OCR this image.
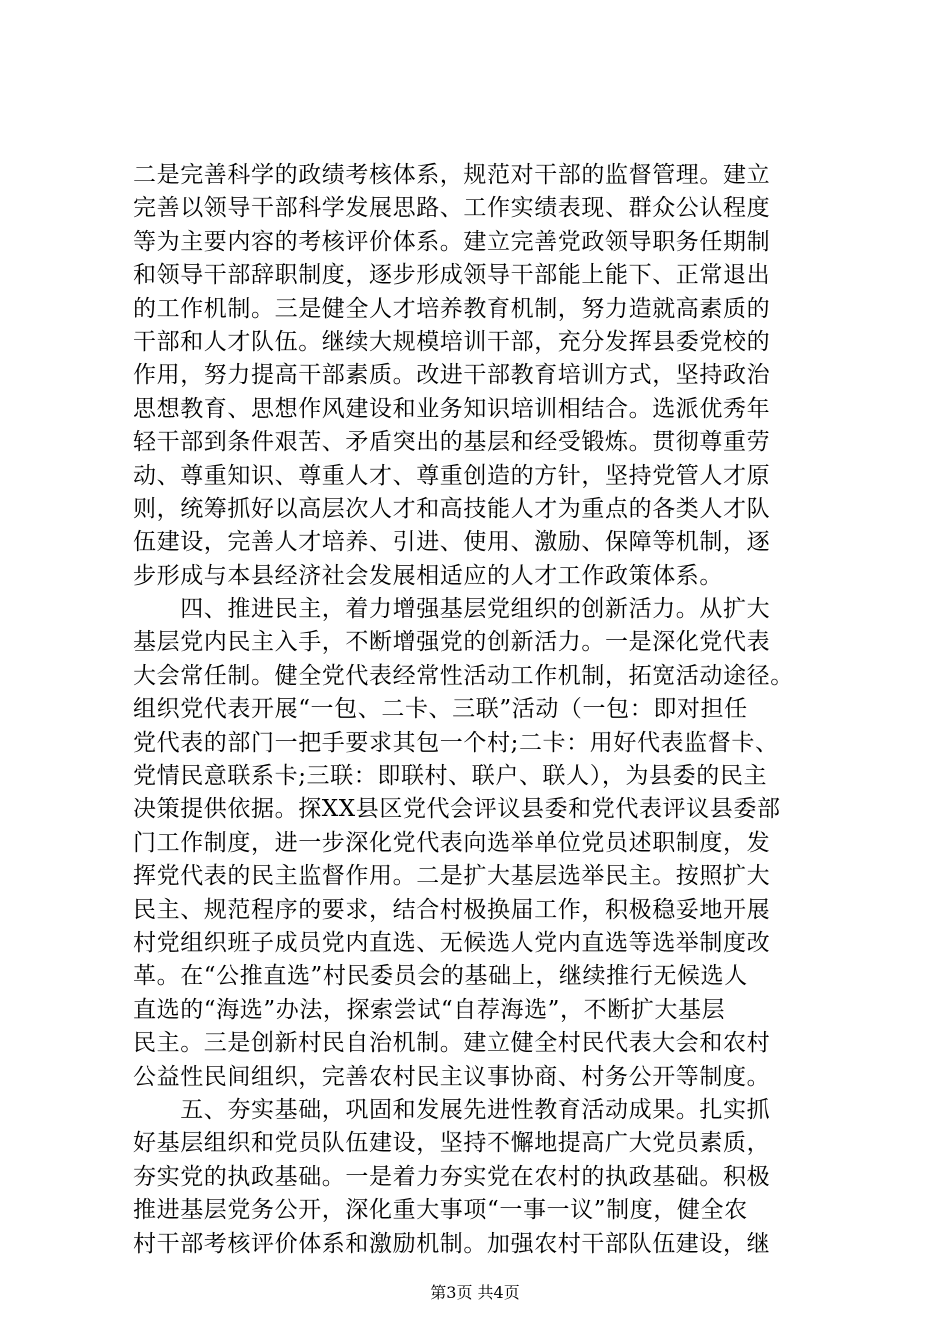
二是完善科学的政绩考核体系，规范对干部的监督管理。建立
完善以领导干部科学发展思路、工作实绩表现、群众公认程度
等为主要内容的考核评价体系。建立完善党政领导职务任期制
和领导干部辞职制度，逐步形成领导干部能上能下、正常退出
的工作机制。三是健全人才培养教育机制，努力造就高素质的
干部和人才队伍。继续大规模培训干部，充分发挥县委党校的
作用，努力提高干部素质。改进干部教育培训方式，坚持政治
思想教育、思想作风建设和业务知识培训相结合。选派优秀年
轻干部到条件艰苦、矛盾突出的基层和经受锻炼。贯彻尊重劳
动、尊重知识、尊重人才、尊重创造的方针，坚持党管人才原
则，统筹抓好以高层次人才和高技能人才为重点的各类人才队
伍建设，完善人才培养、引进、使用、激励、保障等机制，逐
步形成与本县经济社会发展相适应的人才工作政策体系。
　　四、推进民主，着力增强基层党组织的创新活力。从扩大
基层党内民主入手，不断增强党的创新活力。一是深化党代表
大会常任制。健全党代表经常性活动工作机制，拓宽活动途径。
组织党代表开展“一包、二卡、三联”活动（一包：即对担任
党代表的部门一把手要求其包一个村;二卡：用好代表监督卡、
党情民意联系卡;三联：即联村、联户、联人），为县委的民主
决策提供依据。探XX县区党代会评议县委和党代表评议县委部
门工作制度，进一步深化党代表向选举单位党员述职制度，发
挥党代表的民主监督作用。二是扩大基层选举民主。按照扩大
民主、规范程序的要求，结合村极换届工作，积极稳妥地开展
村党组织班子成员党内直选、无候选人党内直选等选举制度改
革。在“公推直选”村民委员会的基础上，继续推行无候选人
直选的“海选”办法，探索尝试“自荐海选”，不断扩大基层
民主。三是创新村民自治机制。建立健全村民代表大会和农村
公益性民间组织，完善农村民主议事协商、村务公开等制度。
　　五、夯实基础，巩固和发展先进性教育活动成果。扎实抓
好基层组织和党员队伍建设，坚持不懈地提高广大党员素质，
夯实党的执政基础。一是着力夯实党在农村的执政基础。积极
推进基层党务公开，深化重大事项“一事一议”制度，健全农
村干部考核评价体系和激励机制。加强农村干部队伍建设，继
第3页 共4页
